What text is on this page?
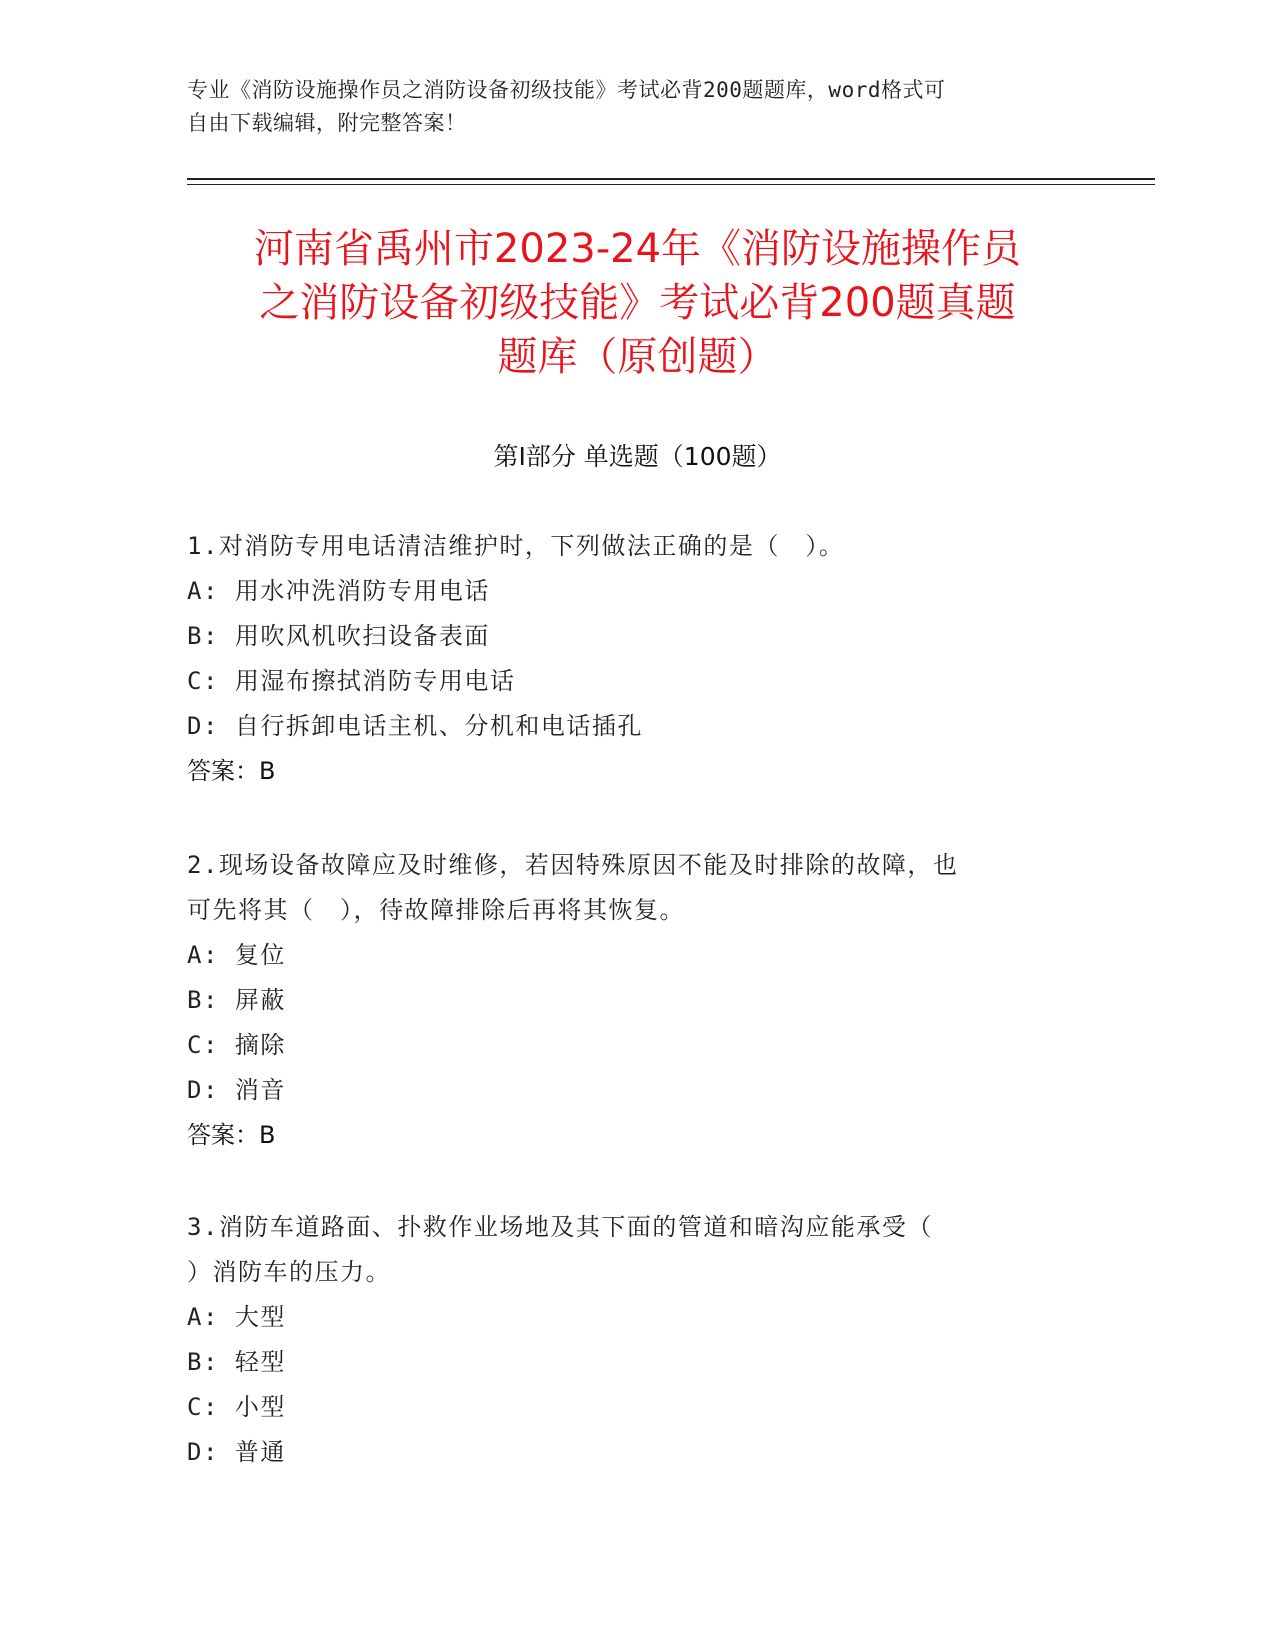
专业《消防设施操作员之消防设备初级技能》考试必背200题题库，word格式可
自由下载编辑，附完整答案！
河南省禹州市2023-24年《消防设施操作员
之消防设备初级技能》考试必背200题真题
题库（原创题）
第Ⅰ部分 单选题（100题）
1.对消防专用电话清洁维护时，下列做法正确的是（　）。
A: 用水冲洗消防专用电话
B: 用吹风机吹扫设备表面
C: 用湿布擦拭消防专用电话
D: 自行拆卸电话主机、分机和电话插孔
答案：B
2.现场设备故障应及时维修，若因特殊原因不能及时排除的故障，也
可先将其（　），待故障排除后再将其恢复。
A: 复位
B: 屏蔽
C: 摘除
D: 消音
答案：B
3.消防车道路面、扑救作业场地及其下面的管道和暗沟应能承受（
）消防车的压力。
A: 大型
B: 轻型
C: 小型
D: 普通
